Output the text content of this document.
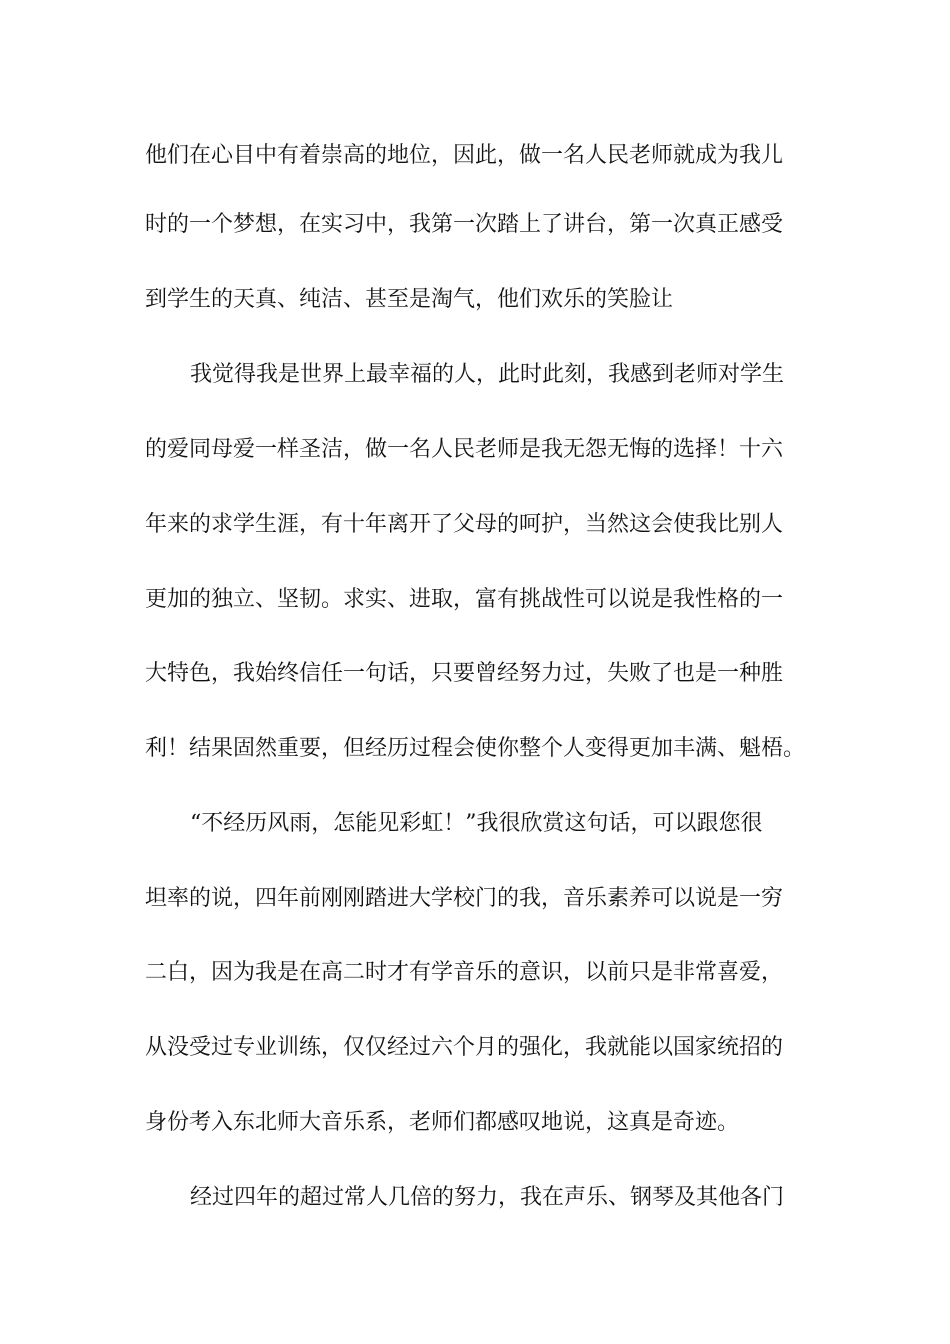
他们在心目中有着崇高的地位，因此，做一名人民老师就成为我儿
时的一个梦想，在实习中，我第一次踏上了讲台，第一次真正感受
到学生的天真、纯洁、甚至是淘气，他们欢乐的笑脸让
我觉得我是世界上最幸福的人，此时此刻，我感到老师对学生
的爱同母爱一样圣洁，做一名人民老师是我无怨无悔的选择！十六
年来的求学生涯，有十年离开了父母的呵护，当然这会使我比别人
更加的独立、坚韧。求实、进取，富有挑战性可以说是我性格的一
大特色，我始终信任一句话，只要曾经努力过，失败了也是一种胜
利！结果固然重要，但经历过程会使你整个人变得更加丰满、魁梧。
“不经历风雨，怎能见彩虹！”我很欣赏这句话，可以跟您很
坦率的说，四年前刚刚踏进大学校门的我，音乐素养可以说是一穷
二白，因为我是在高二时才有学音乐的意识，以前只是非常喜爱，
从没受过专业训练，仅仅经过六个月的强化，我就能以国家统招的
身份考入东北师大音乐系，老师们都感叹地说，这真是奇迹。
经过四年的超过常人几倍的努力，我在声乐、钢琴及其他各门
